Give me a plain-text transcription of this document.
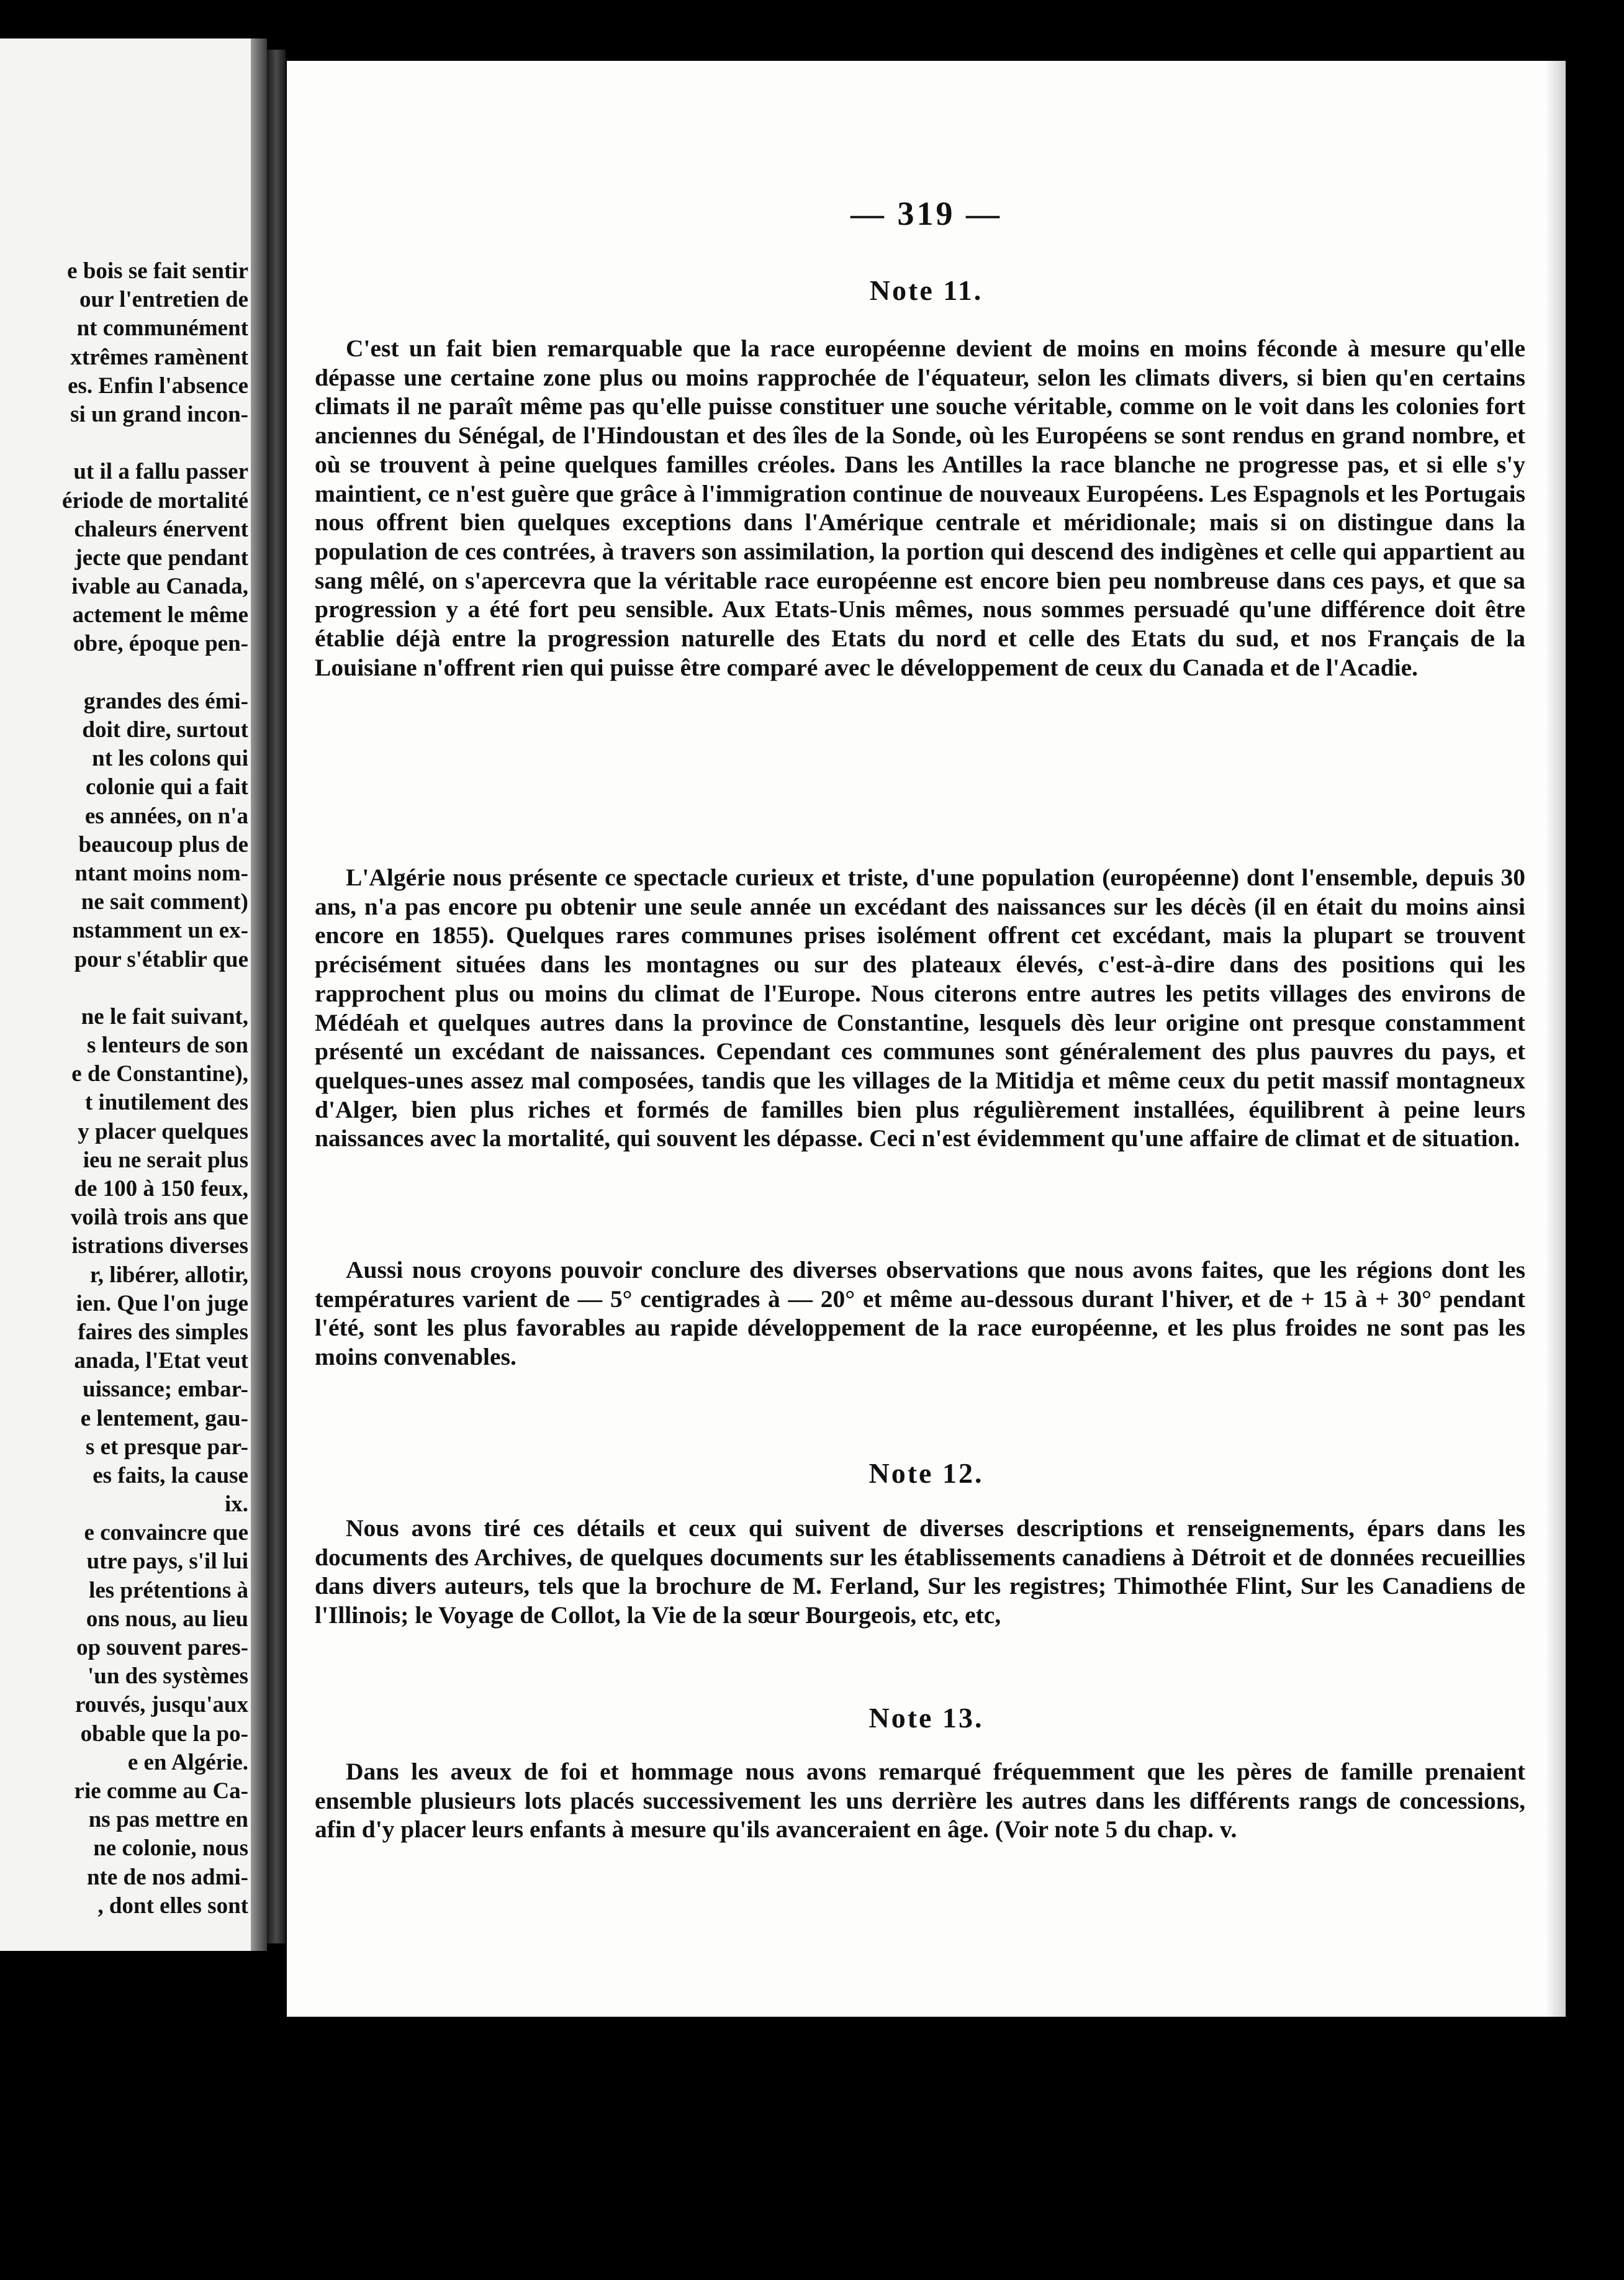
e bois se fait sentir
our l'entretien de
nt communément
xtrêmes ramènent
es. Enfin l'absence
si un grand incon-
ut il a fallu passer
ériode de mortalité
chaleurs énervent
jecte que pendant
ivable au Canada,
actement le même
obre, époque pen-
grandes des émi-
doit dire, surtout
nt les colons qui
colonie qui a fait
es années, on n'a
beaucoup plus de
ntant moins nom-
ne sait comment)
nstamment un ex-
pour s'établir que
ne le fait suivant,
s lenteurs de son
e de Constantine),
t inutilement des
y placer quelques
ieu ne serait plus
de 100 à 150 feux,
voilà trois ans que
istrations diverses
r, libérer, allotir,
ien. Que l'on juge
faires des simples
anada, l'Etat veut
uissance; embar-
e lentement, gau-
s et presque par-
es faits, la cause
ix.
e convaincre que
utre pays, s'il lui
les prétentions à
ons nous, au lieu
op souvent pares-
'un des systèmes
rouvés, jusqu'aux
obable que la po-
e en Algérie.
rie comme au Ca-
ns pas mettre en
ne colonie, nous
nte de nos admi-
, dont elles sont
— 319 —
Note 11.

C'est un fait bien remarquable que la race européenne devient de moins en moins féconde à mesure qu'elle dépasse une certaine zone plus ou moins rapprochée de l'équateur, selon les climats divers, si bien qu'en certains climats il ne paraît même pas qu'elle puisse constituer une souche véritable, comme on le voit dans les colonies fort anciennes du Sénégal, de l'Hindoustan et des îles de la Sonde, où les Européens se sont rendus en grand nombre, et où se trouvent à peine quelques familles créoles. Dans les Antilles la race blanche ne progresse pas, et si elle s'y maintient, ce n'est guère que grâce à l'immigration continue de nouveaux Européens. Les Espagnols et les Portugais nous offrent bien quelques exceptions dans l'Amérique centrale et méridionale; mais si on distingue dans la population de ces contrées, à travers son assimilation, la portion qui descend des indigènes et celle qui appartient au sang mêlé, on s'apercevra que la véritable race européenne est encore bien peu nombreuse dans ces pays, et que sa progression y a été fort peu sensible. Aux Etats-Unis mêmes, nous sommes persuadé qu'une différence doit être établie déjà entre la progression naturelle des Etats du nord et celle des Etats du sud, et nos Français de la Louisiane n'offrent rien qui puisse être comparé avec le développement de ceux du Canada et de l'Acadie.

L'Algérie nous présente ce spectacle curieux et triste, d'une population (européenne) dont l'ensemble, depuis 30 ans, n'a pas encore pu obtenir une seule année un excédant des naissances sur les décès (il en était du moins ainsi encore en 1855). Quelques rares communes prises isolément offrent cet excédant, mais la plupart se trouvent précisément situées dans les montagnes ou sur des plateaux élevés, c'est-à-dire dans des positions qui les rapprochent plus ou moins du climat de l'Europe. Nous citerons entre autres les petits villages des environs de Médéah et quelques autres dans la province de Constantine, lesquels dès leur origine ont presque constamment présenté un excédant de naissances. Cependant ces communes sont généralement des plus pauvres du pays, et quelques-unes assez mal composées, tandis que les villages de la Mitidja et même ceux du petit massif montagneux d'Alger, bien plus riches et formés de familles bien plus régulièrement installées, équilibrent à peine leurs naissances avec la mortalité, qui souvent les dépasse. Ceci n'est évidemment qu'une affaire de climat et de situation.

Aussi nous croyons pouvoir conclure des diverses observations que nous avons faites, que les régions dont les températures varient de — 5° centigrades à — 20° et même au-dessous durant l'hiver, et de + 15 à + 30° pendant l'été, sont les plus favorables au rapide développement de la race européenne, et les plus froides ne sont pas les moins convenables.

Note 12.

Nous avons tiré ces détails et ceux qui suivent de diverses descriptions et renseignements, épars dans les documents des Archives, de quelques documents sur les établissements canadiens à Détroit et de données recueillies dans divers auteurs, tels que la brochure de M. Ferland, Sur les registres; Thimothée Flint, Sur les Canadiens de l'Illinois; le Voyage de Collot, la Vie de la sœur Bourgeois, etc, etc,

Note 13.

Dans les aveux de foi et hommage nous avons remarqué fréquemment que les pères de famille prenaient ensemble plusieurs lots placés successivement les uns derrière les autres dans les différents rangs de concessions, afin d'y placer leurs enfants à mesure qu'ils avanceraient en âge. (Voir note 5 du chap. v.
